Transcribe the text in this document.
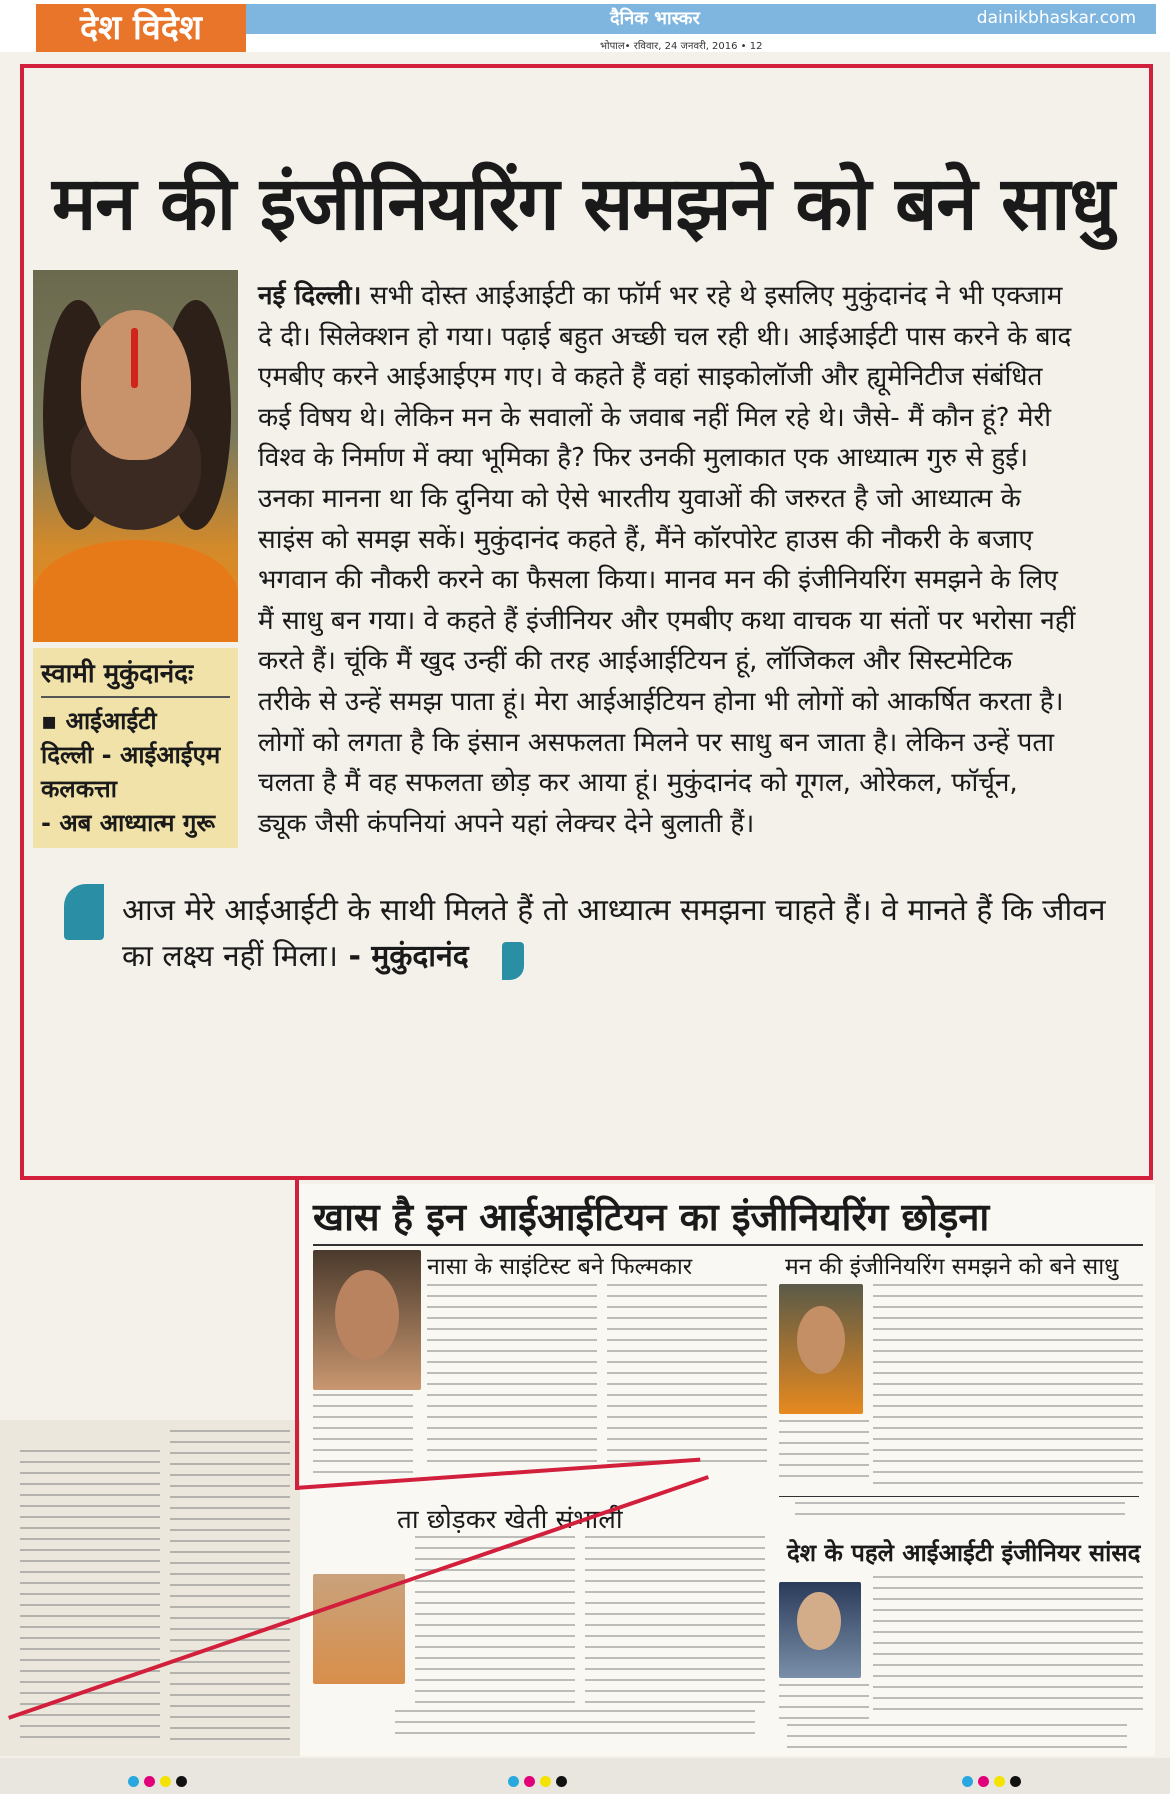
देश विदेश	दैनिक भास्कर	dainikbhaskar.com
भोपाल• रविवार, 24 जनवरी, 2016 • 12
मन की इंजीनियरिंग समझने को बने साधु
स्वामी मुकुंदानंदः
▪ आईआईटी
दिल्ली - आईआईएम
कलकत्ता
- अब आध्यात्म गुरू
नई दिल्ली। सभी दोस्त आईआईटी का फॉर्म भर रहे थे इसलिए मुकुंदानंद ने भी एक्जाम
दे दी। सिलेक्शन हो गया। पढ़ाई बहुत अच्छी चल रही थी। आईआईटी पास करने के बाद
एमबीए करने आईआईएम गए। वे कहते हैं वहां साइकोलॉजी और ह्यूमेनिटीज संबंधित
कई विषय थे। लेकिन मन के सवालों के जवाब नहीं मिल रहे थे। जैसे- मैं कौन हूं? मेरी
विश्व के निर्माण में क्या भूमिका है? फिर उनकी मुलाकात एक आध्यात्म गुरु से हुई।
उनका मानना था कि दुनिया को ऐसे भारतीय युवाओं की जरुरत है जो आध्यात्म के
साइंस को समझ सकें। मुकुंदानंद कहते हैं, मैंने कॉरपोरेट हाउस की नौकरी के बजाए
भगवान की नौकरी करने का फैसला किया। मानव मन की इंजीनियरिंग समझने के लिए
मैं साधु बन गया। वे कहते हैं इंजीनियर और एमबीए कथा वाचक या संतों पर भरोसा नहीं
करते हैं। चूंकि मैं खुद उन्हीं की तरह आईआईटियन हूं, लॉजिकल और सिस्टमेटिक
तरीके से उन्हें समझ पाता हूं। मेरा आईआईटियन होना भी लोगों को आकर्षित करता है।
लोगों को लगता है कि इंसान असफलता मिलने पर साधु बन जाता है। लेकिन उन्हें पता
चलता है मैं वह सफलता छोड़ कर आया हूं। मुकुंदानंद को गूगल, ओरेकल, फॉर्चून,
ड्यूक जैसी कंपनियां अपने यहां लेक्चर देने बुलाती हैं।
आज मेरे आईआईटी के साथी मिलते हैं तो आध्यात्म समझना चाहते हैं। वे मानते हैं कि जीवन
का लक्ष्य नहीं मिला। - मुकुंदानंद
खास है इन आईआईटियन का इंजीनियरिंग छोड़ना
नासा के साइंटिस्ट बने फिल्मकार	मन की इंजीनियरिंग समझने को बने साधु
ता छोड़कर खेती संभाली
देश के पहले आईआईटी इंजीनियर सांसद
